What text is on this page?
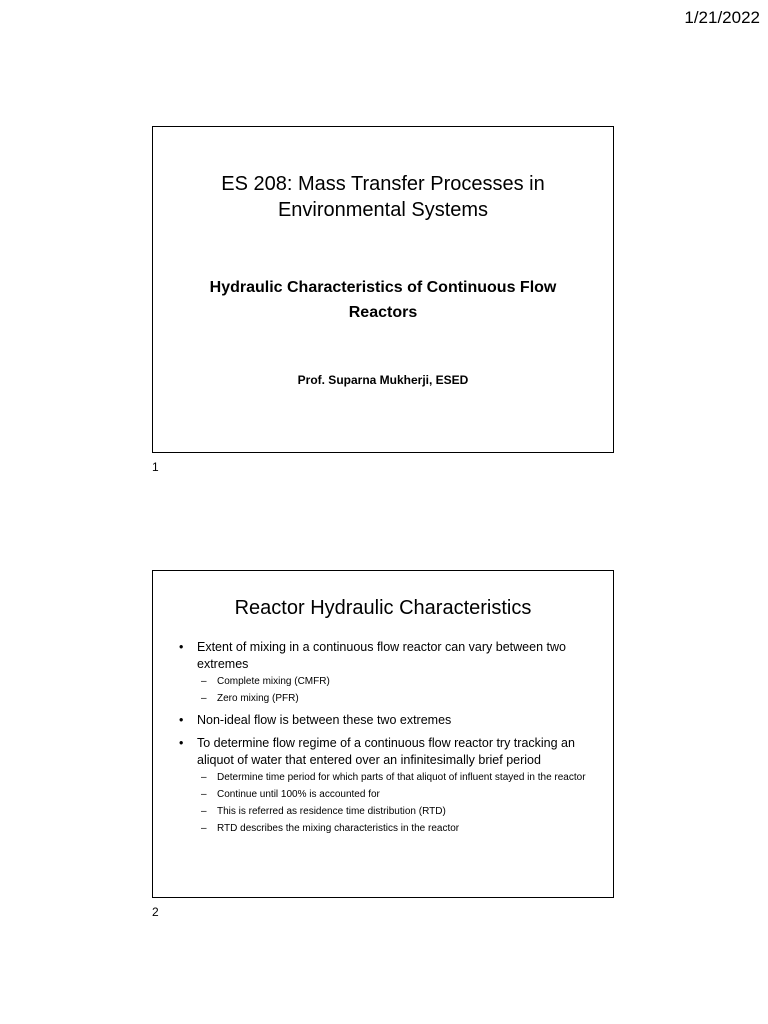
1/21/2022
ES 208: Mass Transfer Processes in
Environmental Systems
Hydraulic Characteristics of Continuous Flow
Reactors
Prof. Suparna Mukherji, ESED
1
Reactor Hydraulic Characteristics
• Extent of mixing in a continuous flow reactor can vary between two extremes
– Complete mixing (CMFR)
– Zero mixing (PFR)
• Non-ideal flow is between these two extremes
• To determine flow regime of a continuous flow reactor try tracking an aliquot of water that entered over an infinitesimally brief period
– Determine time period for which parts of that aliquot of influent stayed in the reactor
– Continue until 100% is accounted for
– This is referred as residence time distribution (RTD)
– RTD describes the mixing characteristics in the reactor
2
